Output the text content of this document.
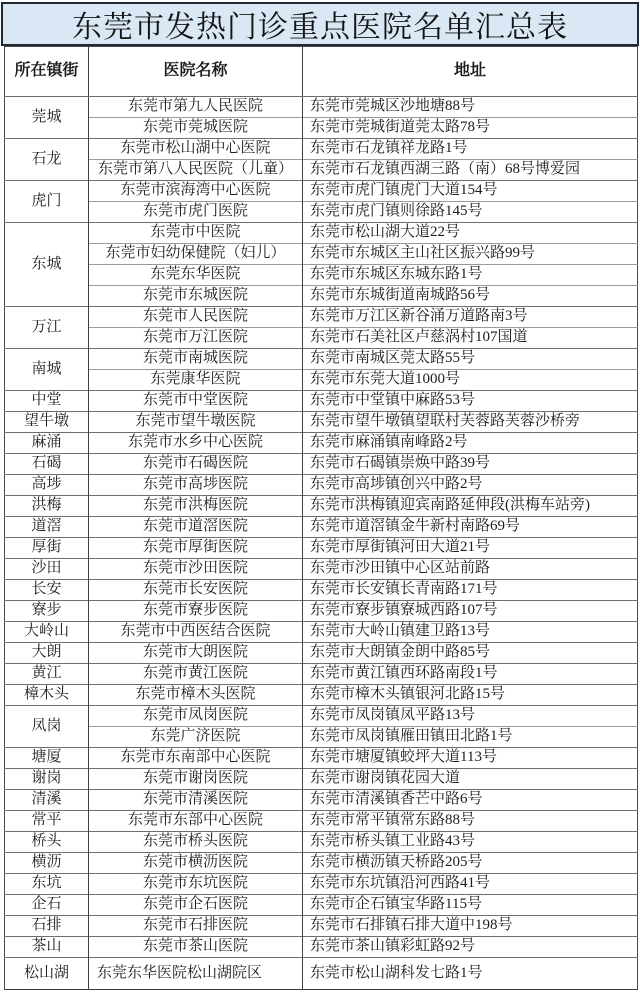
东莞市发热门诊重点医院名单汇总表
所在镇街	医院名称	地址
莞城	东莞市第九人民医院	东莞市莞城区沙地塘88号
	东莞市莞城医院	东莞市莞城街道莞太路78号
石龙	东莞市松山湖中心医院	东莞市石龙镇祥龙路1号
	东莞市第八人民医院（儿童）	东莞市石龙镇西湖三路（南）68号博爱园
虎门	东莞市滨海湾中心医院	东莞市虎门镇虎门大道154号
	东莞市虎门医院	东莞市虎门镇则徐路145号
东城	东莞市中医院	东莞市松山湖大道22号
	东莞市妇幼保健院（妇儿）	东莞市东城区主山社区振兴路99号
	东莞东华医院	东莞市东城区东城东路1号
	东莞市东城医院	东莞市东城街道南城路56号
万江	东莞市人民医院	东莞市万江区新谷涌万道路南3号
	东莞市万江医院	东莞市石美社区卢慈涡村107国道
南城	东莞市南城医院	东莞市南城区莞太路55号
	东莞康华医院	东莞市东莞大道1000号
中堂	东莞市中堂医院	东莞市中堂镇中麻路53号
望牛墩	东莞市望牛墩医院	东莞市望牛墩镇望联村芙蓉路芙蓉沙桥旁
麻涌	东莞市水乡中心医院	东莞市麻涌镇南峰路2号
石碣	东莞市石碣医院	东莞市石碣镇崇焕中路39号
高埗	东莞市高埗医院	东莞市高埗镇创兴中路2号
洪梅	东莞市洪梅医院	东莞市洪梅镇迎宾南路延伸段(洪梅车站旁)
道滘	东莞市道滘医院	东莞市道滘镇金牛新村南路69号
厚街	东莞市厚街医院	东莞市厚街镇河田大道21号
沙田	东莞市沙田医院	东莞市沙田镇中心区站前路
长安	东莞市长安医院	东莞市长安镇长青南路171号
寮步	东莞市寮步医院	东莞市寮步镇寮城西路107号
大岭山	东莞市中西医结合医院	东莞市大岭山镇建卫路13号
大朗	东莞市大朗医院	东莞市大朗镇金朗中路85号
黄江	东莞市黄江医院	东莞市黄江镇西环路南段1号
樟木头	东莞市樟木头医院	东莞市樟木头镇银河北路15号
凤岗	东莞市凤岗医院	东莞市凤岗镇凤平路13号
	东莞广济医院	东莞市凤岗镇雁田镇田北路1号
塘厦	东莞市东南部中心医院	东莞市塘厦镇蛟坪大道113号
谢岗	东莞市谢岗医院	东莞市谢岗镇花园大道
清溪	东莞市清溪医院	东莞市清溪镇香芒中路6号
常平	东莞市东部中心医院	东莞市常平镇常东路88号
桥头	东莞市桥头医院	东莞市桥头镇工业路43号
横沥	东莞市横沥医院	东莞市横沥镇天桥路205号
东坑	东莞市东坑医院	东莞市东坑镇沿河西路41号
企石	东莞市企石医院	东莞市企石镇宝华路115号
石排	东莞市石排医院	东莞市石排镇石排大道中198号
茶山	东莞市茶山医院	东莞市茶山镇彩虹路92号
松山湖	东莞东华医院松山湖院区	东莞市松山湖科发七路1号
